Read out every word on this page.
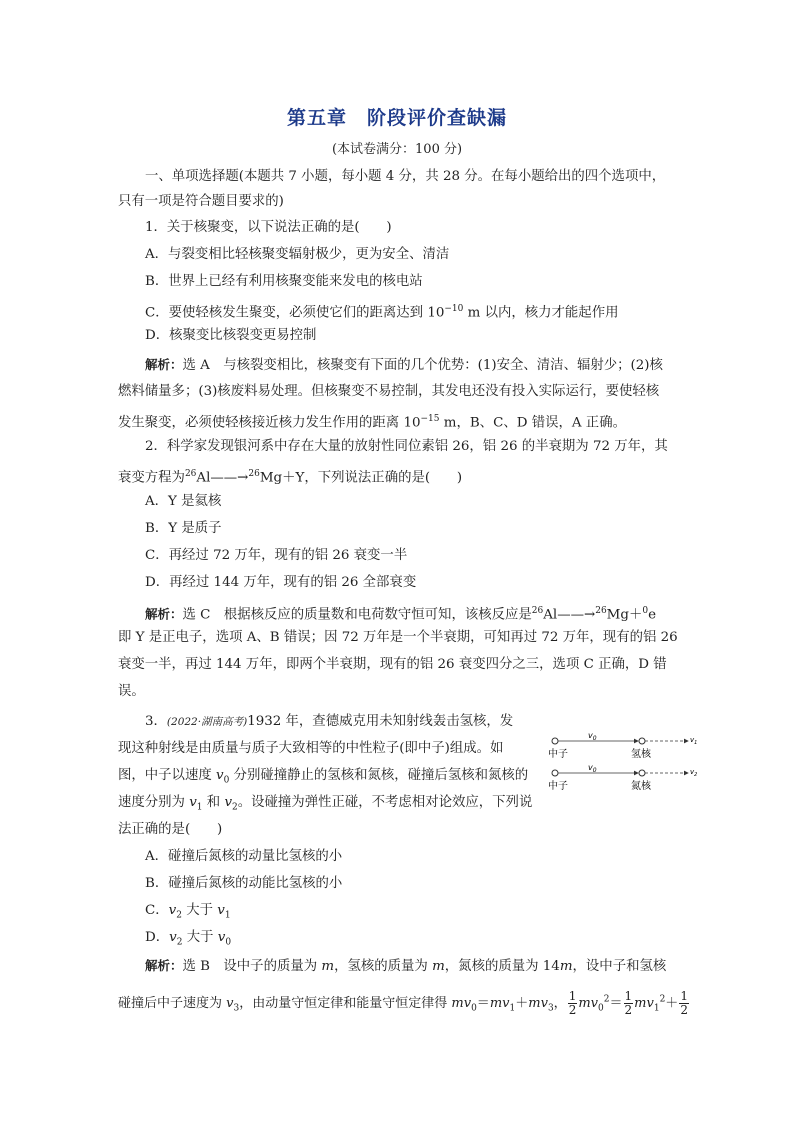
第五章　阶段评价查缺漏
(本试卷满分：100 分)
一、单项选择题(本题共 7 小题，每小题 4 分，共 28 分。在每小题给出的四个选项中，
只有一项是符合题目要求的)
1．关于核聚变，以下说法正确的是(　　)
A．与裂变相比轻核聚变辐射极少，更为安全、清洁
B．世界上已经有利用核聚变能来发电的核电站
C．要使轻核发生聚变，必须使它们的距离达到 $10^{-10}$ m 以内，核力才能起作用
D．核聚变比核裂变更易控制
解析：选 A　与核裂变相比，核聚变有下面的几个优势：(1)安全、清洁、辐射少；(2)核
燃料储量多；(3)核废料易处理。但核聚变不易控制，其发电还没有投入实际运行，要使轻核
发生聚变，必须使轻核接近核力发生作用的距离 $10^{-15}$ m，B、C、D 错误，A 正确。
2．科学家发现银河系中存在大量的放射性同位素铝 26，铝 26 的半衰期为 72 万年，其
衰变方程为$^{26}$Al——→$^{26}$Mg＋Y，下列说法正确的是(　　)
A．Y 是氦核
B．Y 是质子
C．再经过 72 万年，现有的铝 26 衰变一半
D．再经过 144 万年，现有的铝 26 全部衰变
解析：选 C　根据核反应的质量数和电荷数守恒可知，该核反应是$^{26}$Al——→$^{26}$Mg＋$^0$e
即 Y 是正电子，选项 A、B 错误；因 72 万年是一个半衰期，可知再过 72 万年，现有的铝 26
衰变一半，再过 144 万年，即两个半衰期，现有的铝 26 衰变四分之三，选项 C 正确，D 错
误。
3．(2022·湖南高考)1932 年，查德威克用未知射线轰击氢核，发
现这种射线是由质量与质子大致相等的中性粒子(即中子)组成。如
图，中子以速度 $v_0$ 分别碰撞静止的氢核和氮核，碰撞后氢核和氮核的
速度分别为 $v_1$ 和 $v_2$。设碰撞为弹性正碰，不考虑相对论效应，下列说
法正确的是(　　)
$v_0$	$v_1$
中子	氢核
$v_0$	$v_2$
中子	氮核
A．碰撞后氮核的动量比氢核的小
B．碰撞后氮核的动能比氢核的小
C．$v_2$ 大于 $v_1$
D．$v_2$ 大于 $v_0$
解析：选 B　设中子的质量为 m，氢核的质量为 m，氮核的质量为 14m，设中子和氢核
碰撞后中子速度为 $v_3$，由动量守恒定律和能量守恒定律得 $mv_0=mv_1+mv_3$， $\frac{1}{2} mv_0^2= \frac{1}{2} mv_1^2+ \frac{1}{2}$
